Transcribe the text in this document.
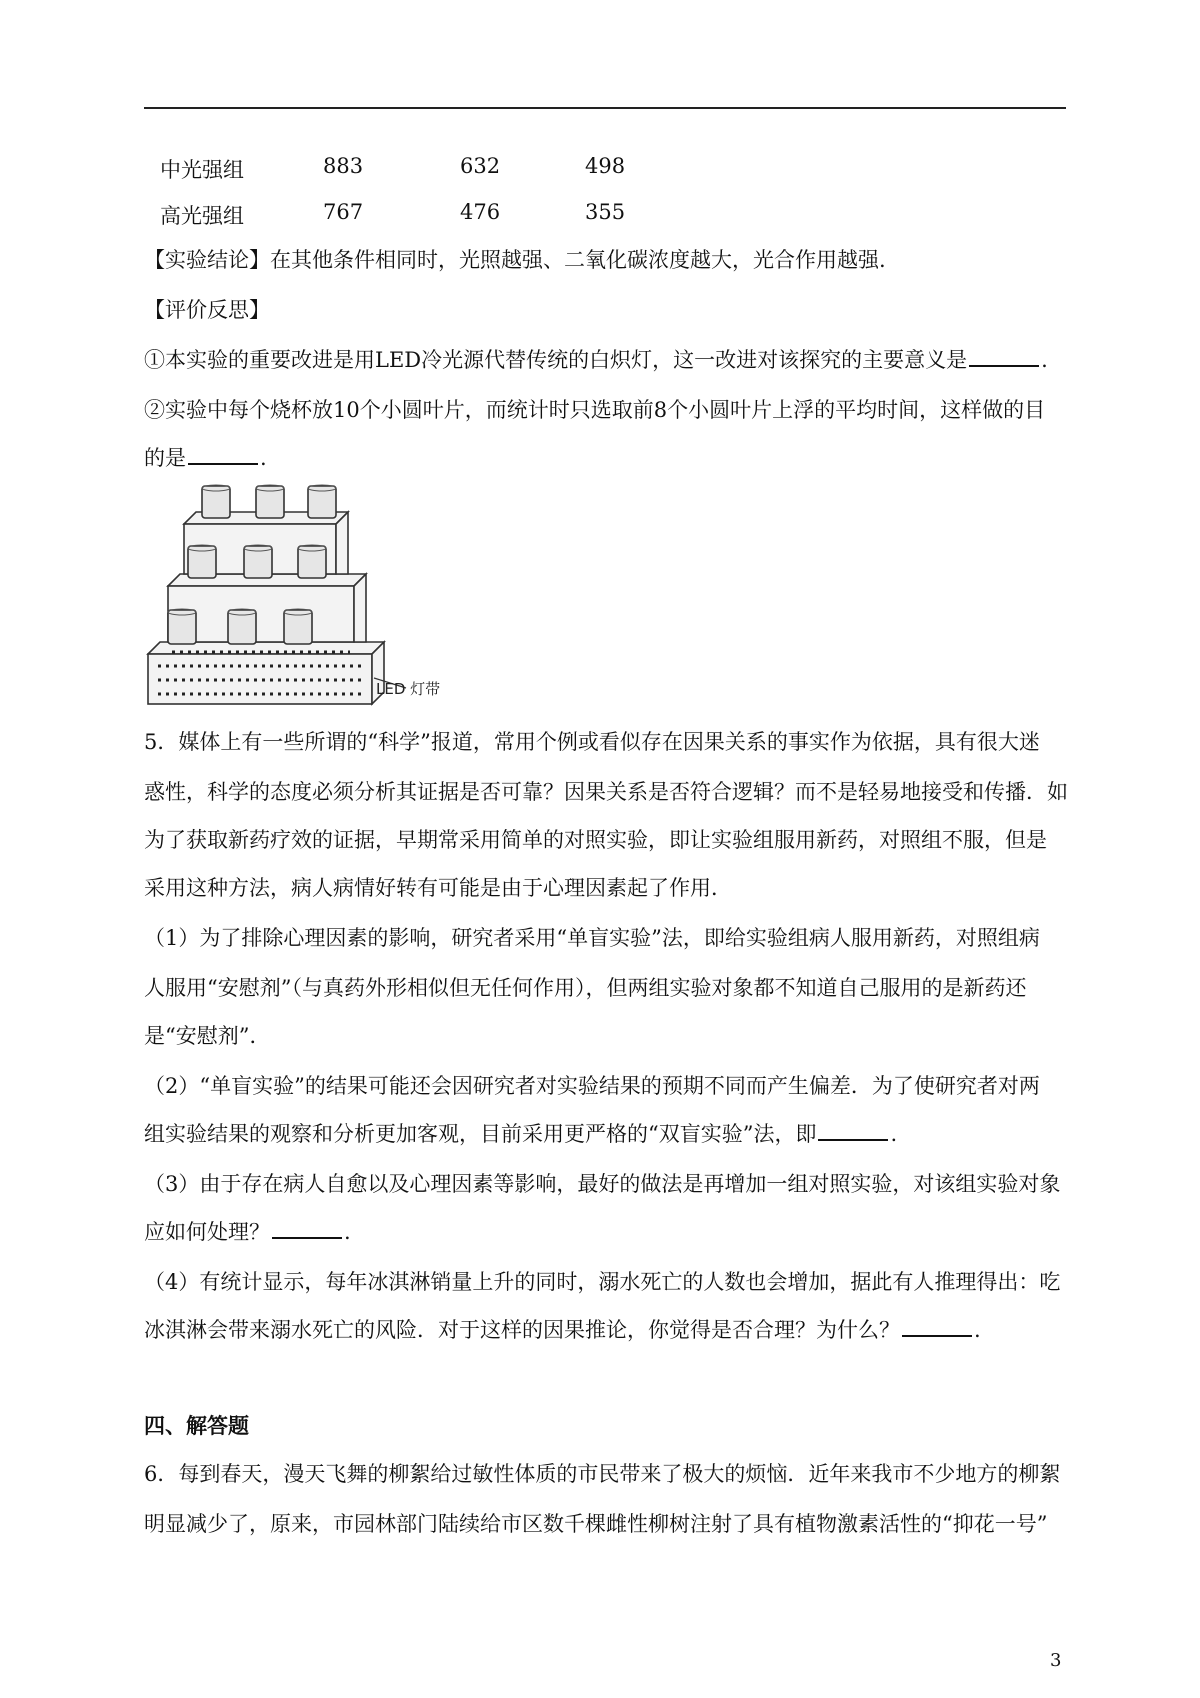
中光强组	883	632	498
高光强组	767	476	355
【实验结论】在其他条件相同时，光照越强、二氧化碳浓度越大，光合作用越强.
【评价反思】
①本实验的重要改进是用LED冷光源代替传统的白炽灯，这一改进对该探究的主要意义是	.
②实验中每个烧杯放10个小圆叶片，而统计时只选取前8个小圆叶片上浮的平均时间，这样做的目
的是	.
LED 灯带
5．媒体上有一些所谓的“科学”报道，常用个例或看似存在因果关系的事实作为依据，具有很大迷
惑性，科学的态度必须分析其证据是否可靠？因果关系是否符合逻辑？而不是轻易地接受和传播．如
为了获取新药疗效的证据，早期常采用简单的对照实验，即让实验组服用新药，对照组不服，但是
采用这种方法，病人病情好转有可能是由于心理因素起了作用．
（1）为了排除心理因素的影响，研究者采用“单盲实验”法，即给实验组病人服用新药，对照组病
人服用“安慰剂”（与真药外形相似但无任何作用），但两组实验对象都不知道自己服用的是新药还
是“安慰剂”．
（2）“单盲实验”的结果可能还会因研究者对实验结果的预期不同而产生偏差．为了使研究者对两
组实验结果的观察和分析更加客观，目前采用更严格的“双盲实验”法，即	.
（3）由于存在病人自愈以及心理因素等影响，最好的做法是再增加一组对照实验，对该组实验对象
应如何处理？	.
（4）有统计显示，每年冰淇淋销量上升的同时，溺水死亡的人数也会增加，据此有人推理得出：吃
冰淇淋会带来溺水死亡的风险．对于这样的因果推论，你觉得是否合理？为什么？	.
四、解答题
6．每到春天，漫天飞舞的柳絮给过敏性体质的市民带来了极大的烦恼．近年来我市不少地方的柳絮
明显减少了，原来，市园林部门陆续给市区数千棵雌性柳树注射了具有植物激素活性的“抑花一号”
3
